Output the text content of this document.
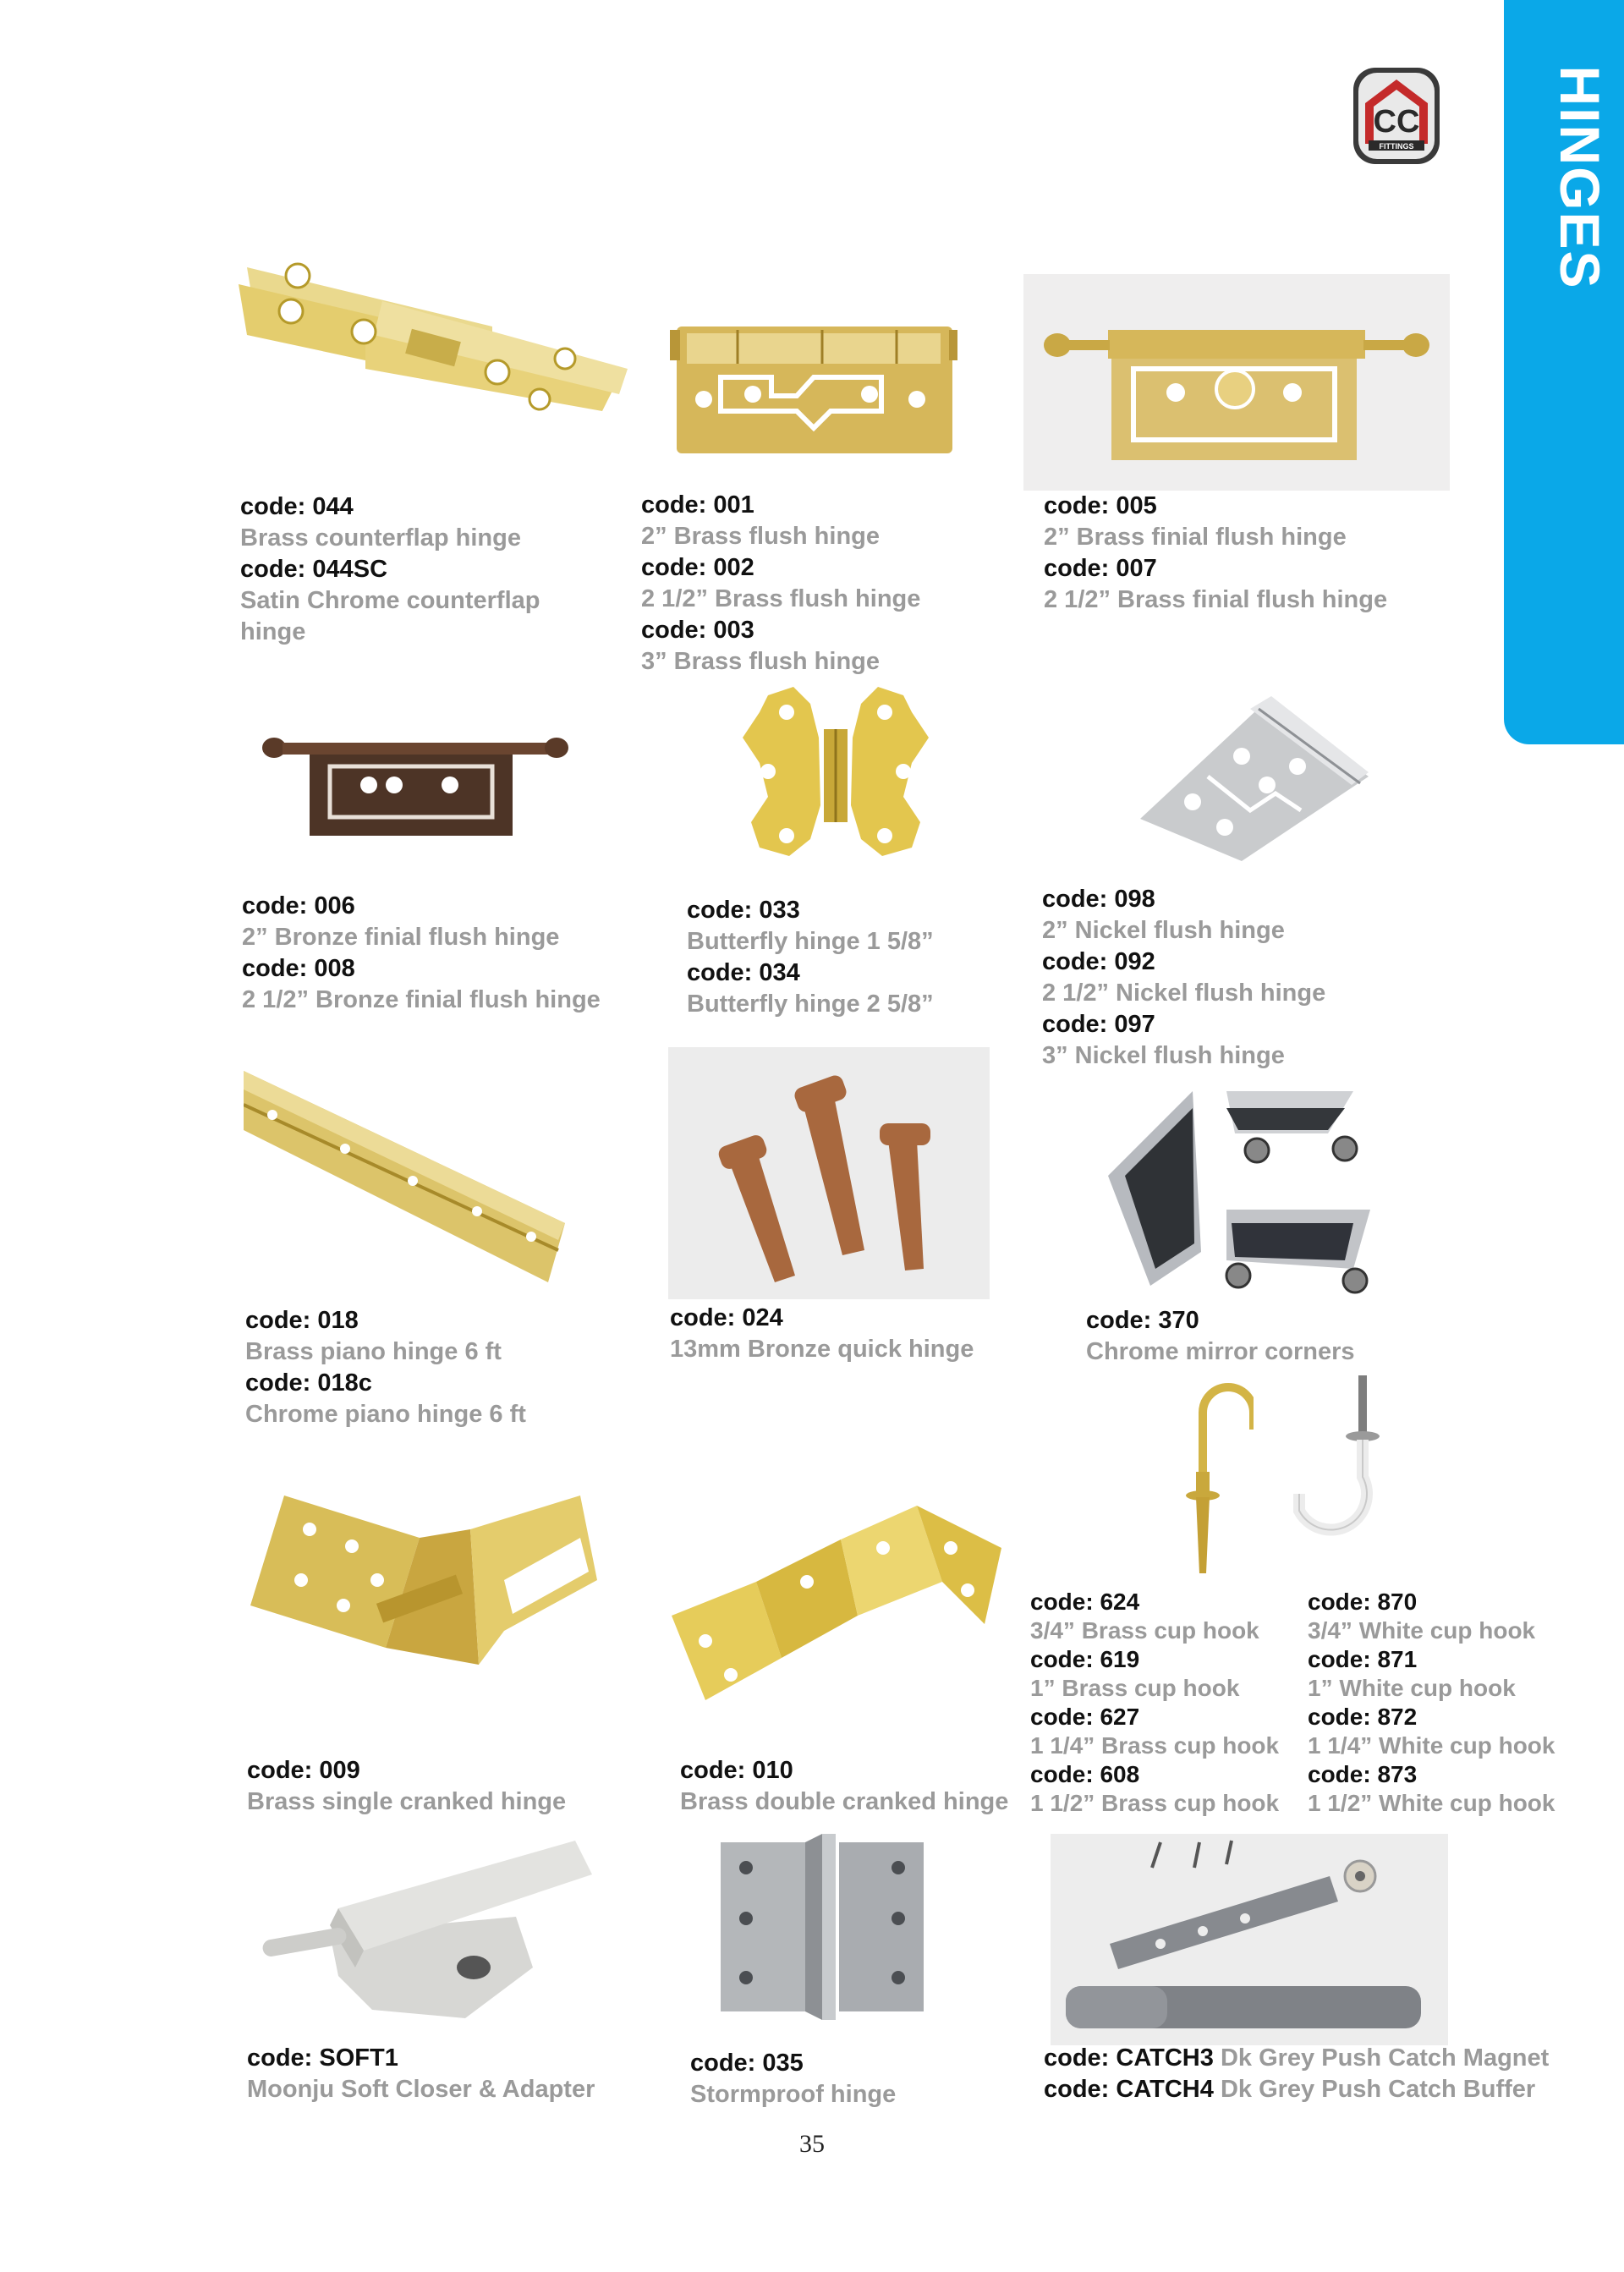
HINGES
CC
FITTINGS
code: 044
Brass counterflap hinge
code: 044SC
Satin Chrome counterflap
hinge
code: 001
2” Brass flush hinge
code: 002
2 1/2” Brass flush hinge
code: 003
3” Brass flush hinge
code: 005
2” Brass finial flush hinge
code: 007
2 1/2” Brass finial flush hinge
code: 006
2” Bronze finial flush hinge
code: 008
2 1/2” Bronze finial flush hinge
code: 033
Butterfly hinge 1 5/8”
code: 034
Butterfly hinge 2 5/8”
code: 098
2” Nickel flush hinge
code: 092
2 1/2” Nickel flush hinge
code: 097
3” Nickel flush hinge
code: 018
Brass piano hinge 6 ft
code: 018c
Chrome piano hinge 6 ft
code: 024
13mm Bronze quick hinge
code: 370
Chrome mirror corners
code: 624
3/4” Brass cup hook
code: 619
1” Brass cup hook
code: 627
1 1/4” Brass cup hook
code: 608
1 1/2” Brass cup hook
code: 870
3/4” White cup hook
code: 871
1” White cup hook
code: 872
1 1/4” White cup hook
code: 873
1 1/2” White cup hook
code: 009
Brass single cranked hinge
code: 010
Brass double cranked hinge
code: SOFT1
Moonju Soft Closer & Adapter
code: 035
Stormproof hinge
code: CATCH3 Dk Grey Push Catch Magnet
code: CATCH4 Dk Grey Push Catch Buffer
35
